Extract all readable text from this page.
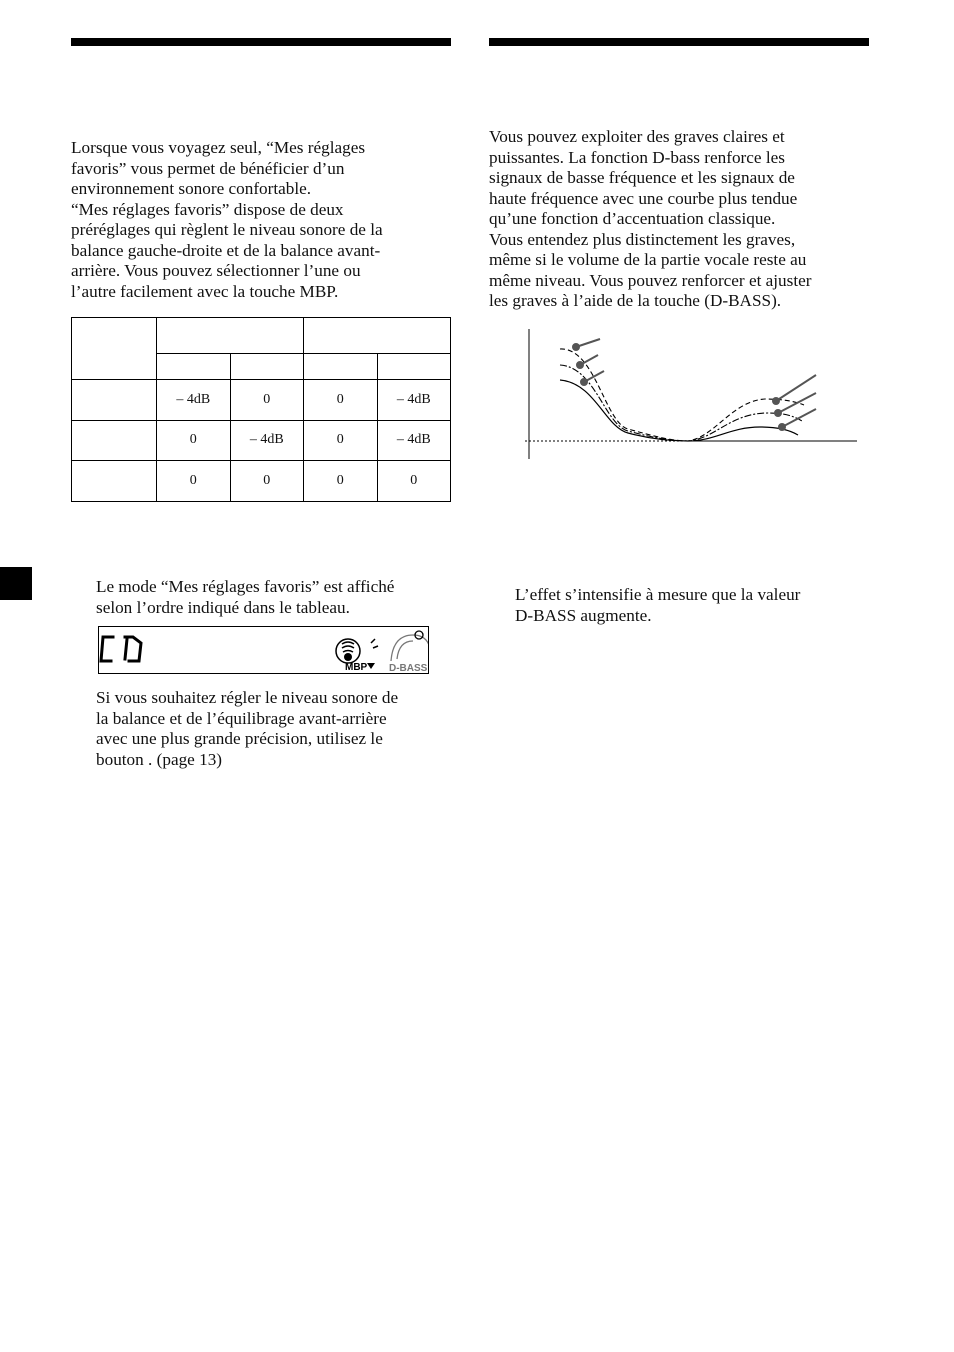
Lorsque vous voyagez seul, “Mes réglages
favoris” vous permet de bénéficier d’un
environnement sonore confortable.
“Mes réglages favoris” dispose de deux
préréglages qui règlent le niveau sonore de la
balance gauche-droite et de la balance avant-
arrière. Vous pouvez sélectionner l’une ou
l’autre facilement avec la touche MBP.

	– 4dB	0	0	– 4dB
	0	– 4dB	0	– 4dB
	0	0	0	0

Le mode “Mes réglages favoris” est affiché
selon l’ordre indiqué dans le tableau.

MBP D-BASS

Si vous souhaitez régler le niveau sonore de
la balance et de l’équilibrage avant-arrière
avec une plus grande précision, utilisez le
bouton . (page 13)

Vous pouvez exploiter des graves claires et
puissantes. La fonction D-bass renforce les
signaux de basse fréquence et les signaux de
haute fréquence avec une courbe plus tendue
qu’une fonction d’accentuation classique.
Vous entendez plus distinctement les graves,
même si le volume de la partie vocale reste au
même niveau. Vous pouvez renforcer et ajuster
les graves à l’aide de la touche (D-BASS).

L’effet s’intensifie à mesure que la valeur
D-BASS augmente.
